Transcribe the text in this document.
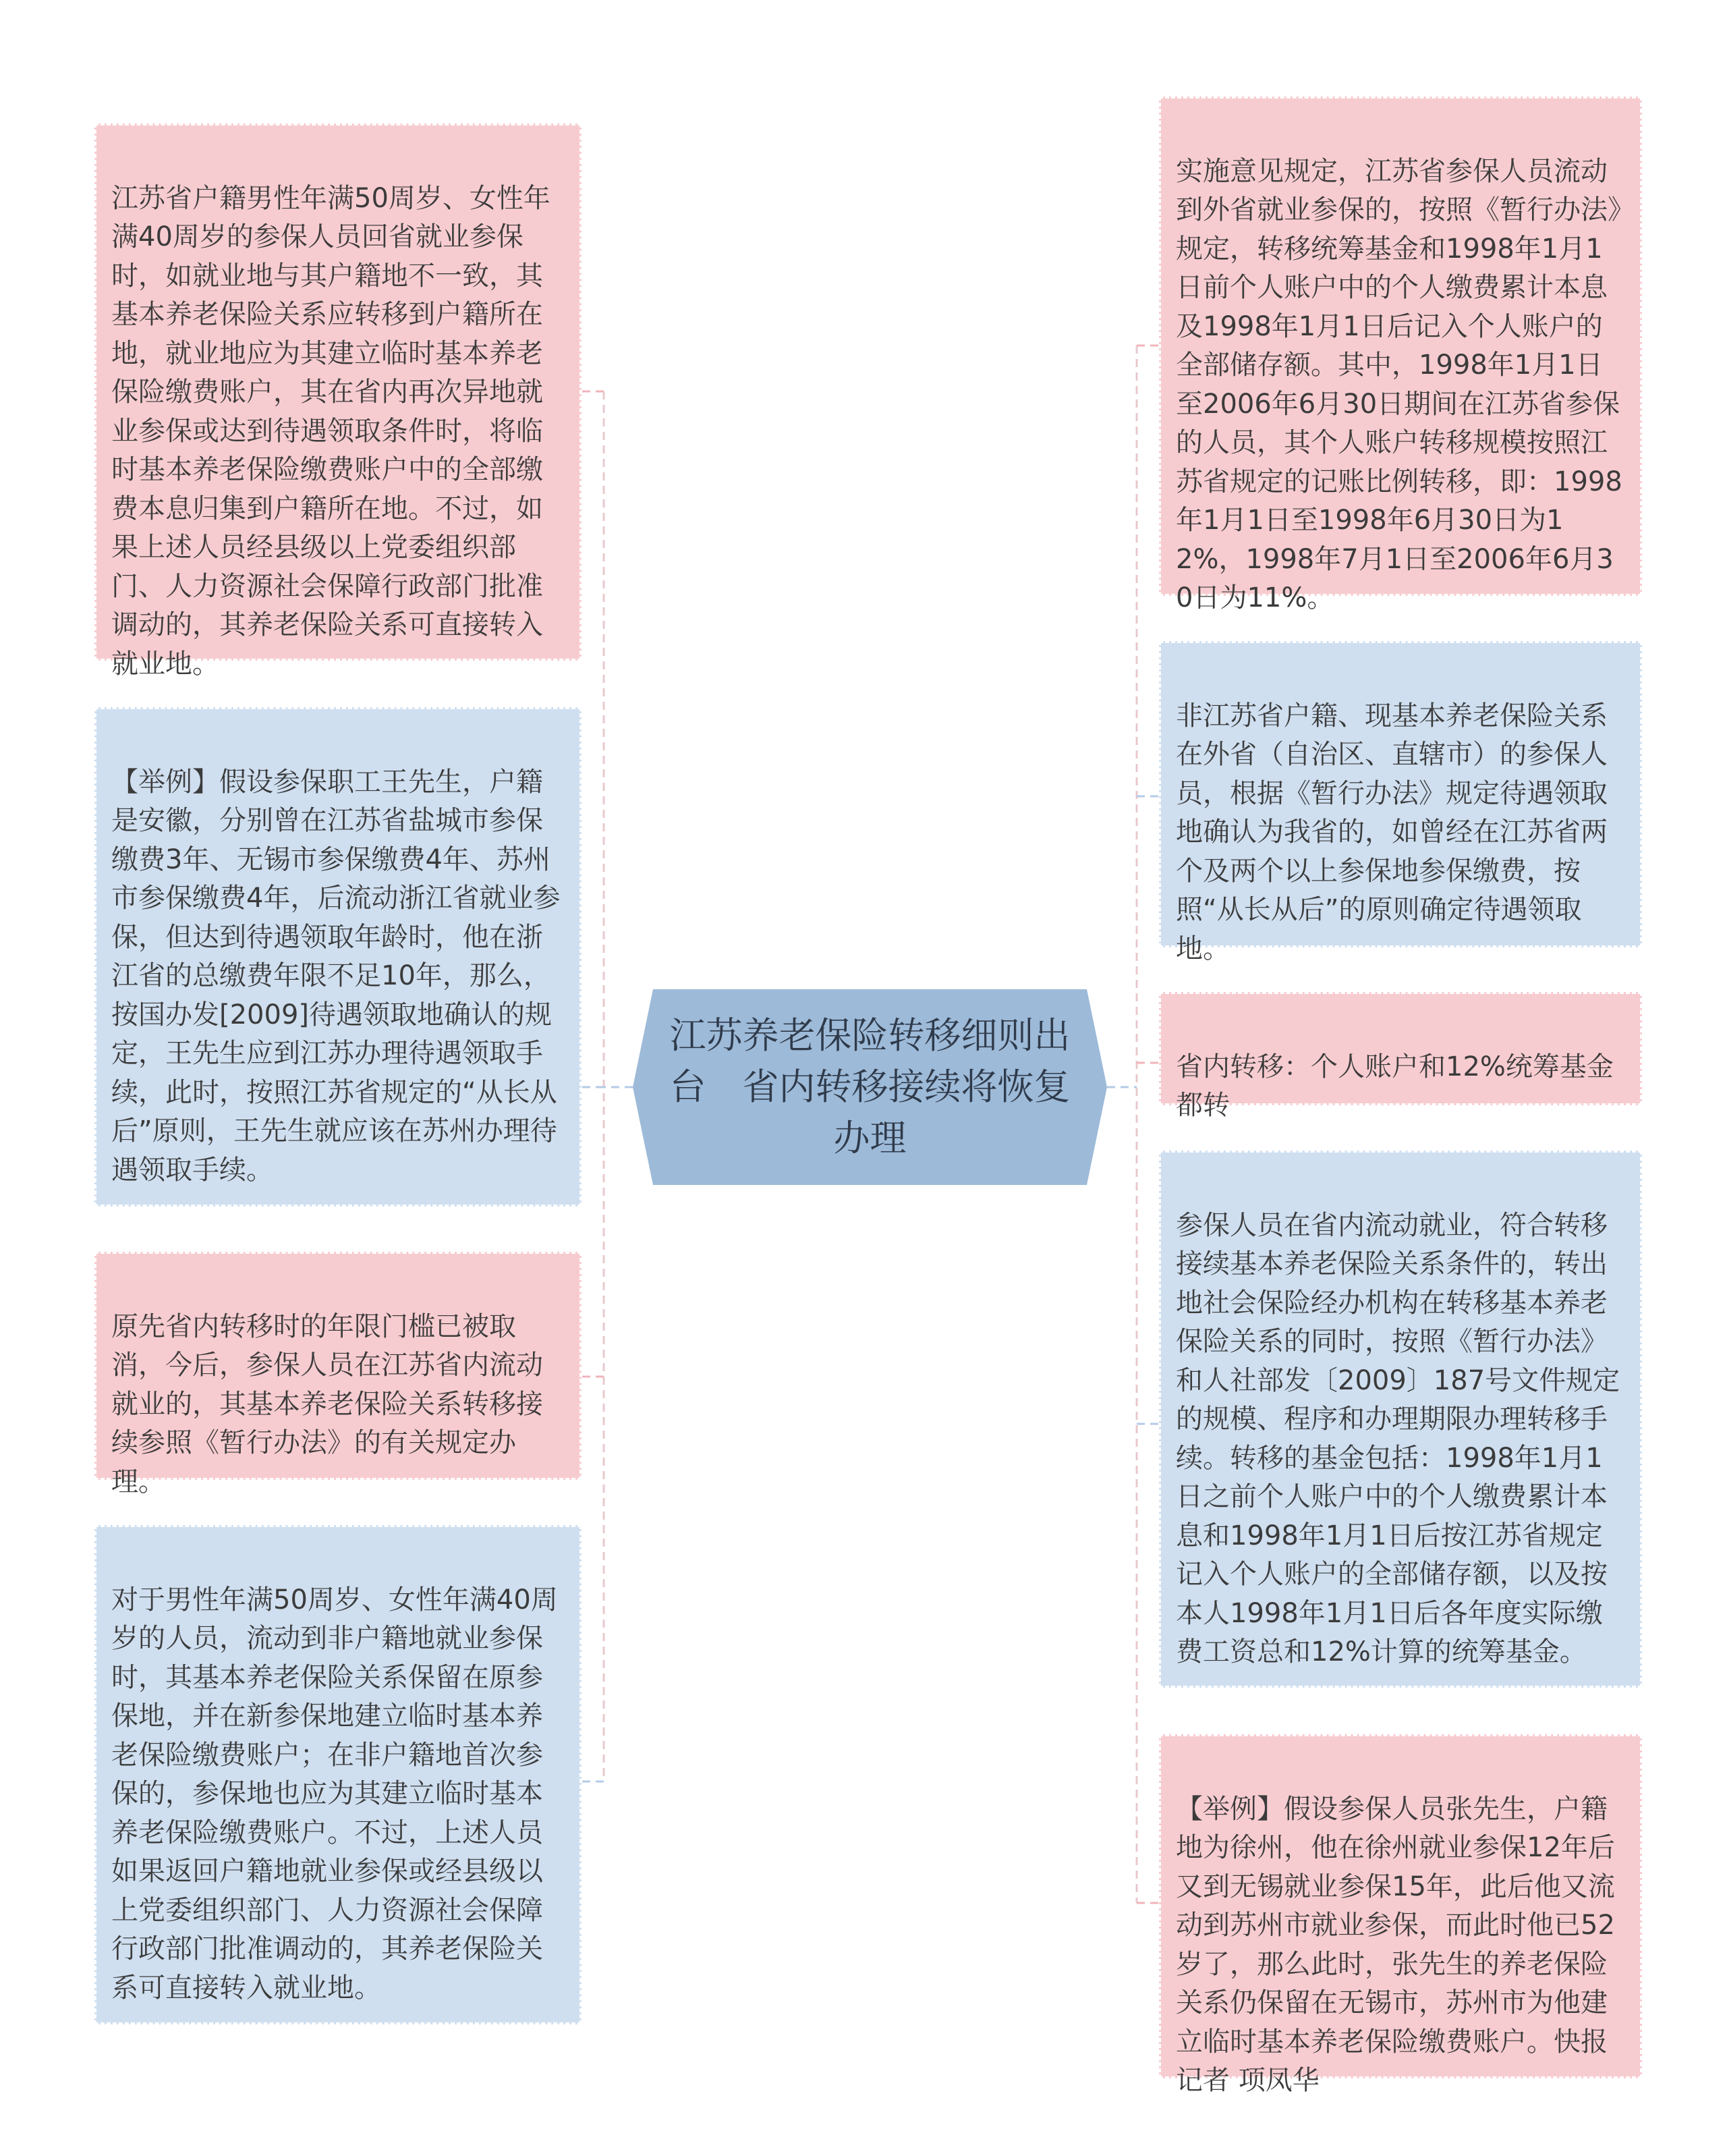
江苏省户籍男性年满50周岁、女性年满40周岁的参保人员回省就业参保时，如就业地与其户籍地不一致，其基本养老保险关系应转移到户籍所在地，就业地应为其建立临时基本养老保险缴费账户，其在省内再次异地就业参保或达到待遇领取条件时，将临时基本养老保险缴费账户中的全部缴费本息归集到户籍所在地。不过，如果上述人员经县级以上党委组织部门、人力资源社会保障行政部门批准调动的，其养老保险关系可直接转入就业地。

【举例】假设参保职工王先生，户籍是安徽，分别曾在江苏省盐城市参保缴费3年、无锡市参保缴费4年、苏州市参保缴费4年，后流动浙江省就业参保，但达到待遇领取年龄时，他在浙江省的总缴费年限不足10年，那么，按国办发[2009]待遇领取地确认的规定，王先生应到江苏办理待遇领取手续，此时，按照江苏省规定的“从长从后”原则，王先生就应该在苏州办理待遇领取手续。

原先省内转移时的年限门槛已被取消，今后，参保人员在江苏省内流动就业的，其基本养老保险关系转移接续参照《暂行办法》的有关规定办理。

对于男性年满50周岁、女性年满40周岁的人员，流动到非户籍地就业参保时，其基本养老保险关系保留在原参保地，并在新参保地建立临时基本养老保险缴费账户；在非户籍地首次参保的，参保地也应为其建立临时基本养老保险缴费账户。不过，上述人员如果返回户籍地就业参保或经县级以上党委组织部门、人力资源社会保障行政部门批准调动的，其养老保险关系可直接转入就业地。

江苏养老保险转移细则出台　省内转移接续将恢复办理

实施意见规定，江苏省参保人员流动到外省就业参保的，按照《暂行办法》规定，转移统筹基金和1998年1月1日前个人账户中的个人缴费累计本息及1998年1月1日后记入个人账户的全部储存额。其中，1998年1月1日至2006年6月30日期间在江苏省参保的人员，其个人账户转移规模按照江苏省规定的记账比例转移，即：1998年1月1日至1998年6月30日为12%，1998年7月1日至2006年6月30日为11%。

非江苏省户籍、现基本养老保险关系在外省（自治区、直辖市）的参保人员，根据《暂行办法》规定待遇领取地确认为我省的，如曾经在江苏省两个及两个以上参保地参保缴费，按照“从长从后”的原则确定待遇领取地。

省内转移：个人账户和12%统筹基金都转

参保人员在省内流动就业，符合转移接续基本养老保险关系条件的，转出地社会保险经办机构在转移基本养老保险关系的同时，按照《暂行办法》和人社部发〔2009〕187号文件规定的规模、程序和办理期限办理转移手续。转移的基金包括：1998年1月1日之前个人账户中的个人缴费累计本息和1998年1月1日后按江苏省规定记入个人账户的全部储存额，以及按本人1998年1月1日后各年度实际缴费工资总和12%计算的统筹基金。

【举例】假设参保人员张先生，户籍地为徐州，他在徐州就业参保12年后又到无锡就业参保15年，此后他又流动到苏州市就业参保，而此时他已52岁了，那么此时，张先生的养老保险关系仍保留在无锡市，苏州市为他建立临时基本养老保险缴费账户。快报记者 项凤华
